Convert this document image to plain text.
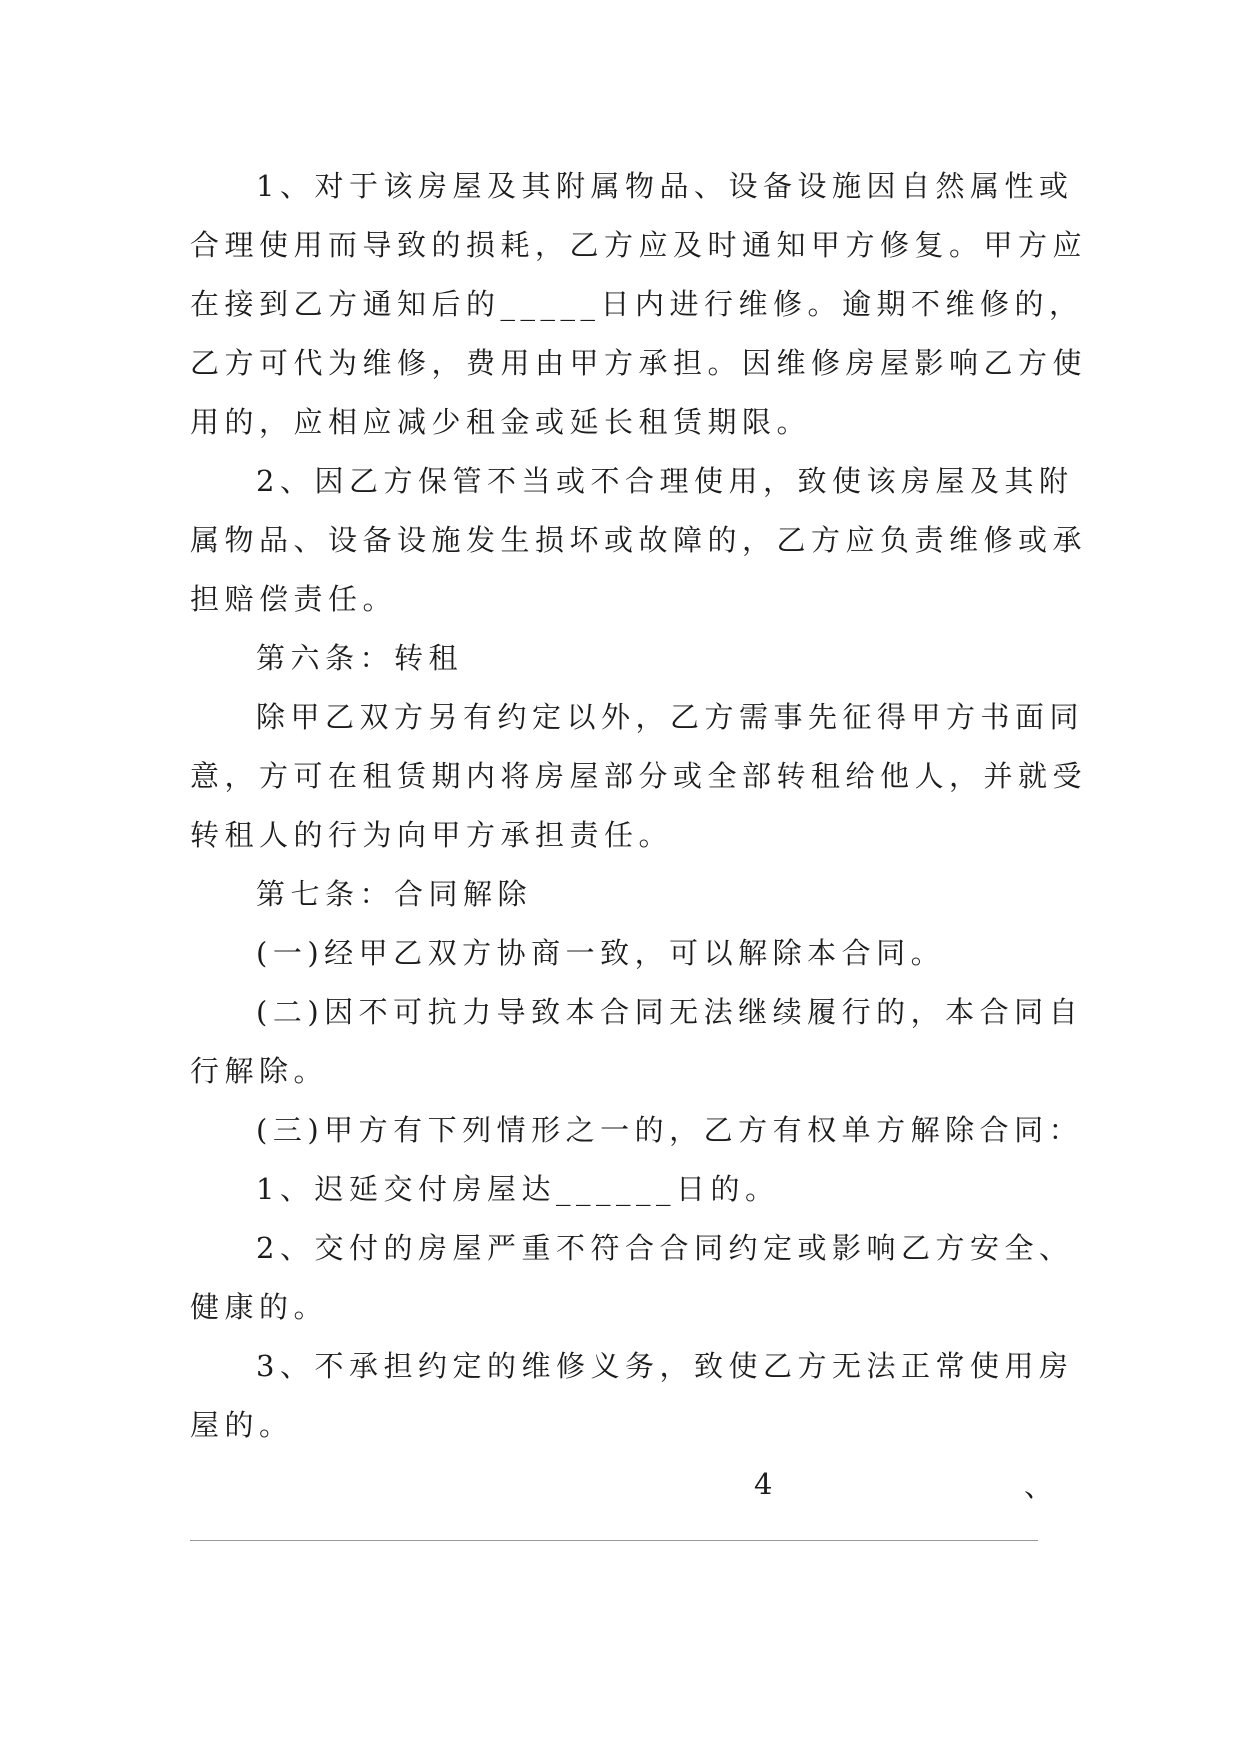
1、对于该房屋及其附属物品、设备设施因自然属性或
合理使用而导致的损耗，乙方应及时通知甲方修复。甲方应
在接到乙方通知后的_____日内进行维修。逾期不维修的，
乙方可代为维修，费用由甲方承担。因维修房屋影响乙方使
用的，应相应减少租金或延长租赁期限。
2、因乙方保管不当或不合理使用，致使该房屋及其附
属物品、设备设施发生损坏或故障的，乙方应负责维修或承
担赔偿责任。
第六条：转租
除甲乙双方另有约定以外，乙方需事先征得甲方书面同
意，方可在租赁期内将房屋部分或全部转租给他人，并就受
转租人的行为向甲方承担责任。
第七条：合同解除
(一)经甲乙双方协商一致，可以解除本合同。
(二)因不可抗力导致本合同无法继续履行的，本合同自
行解除。
(三)甲方有下列情形之一的，乙方有权单方解除合同：
1、迟延交付房屋达______日的。
2、交付的房屋严重不符合合同约定或影响乙方安全、
健康的。
3、不承担约定的维修义务，致使乙方无法正常使用房
屋的。
4	、
